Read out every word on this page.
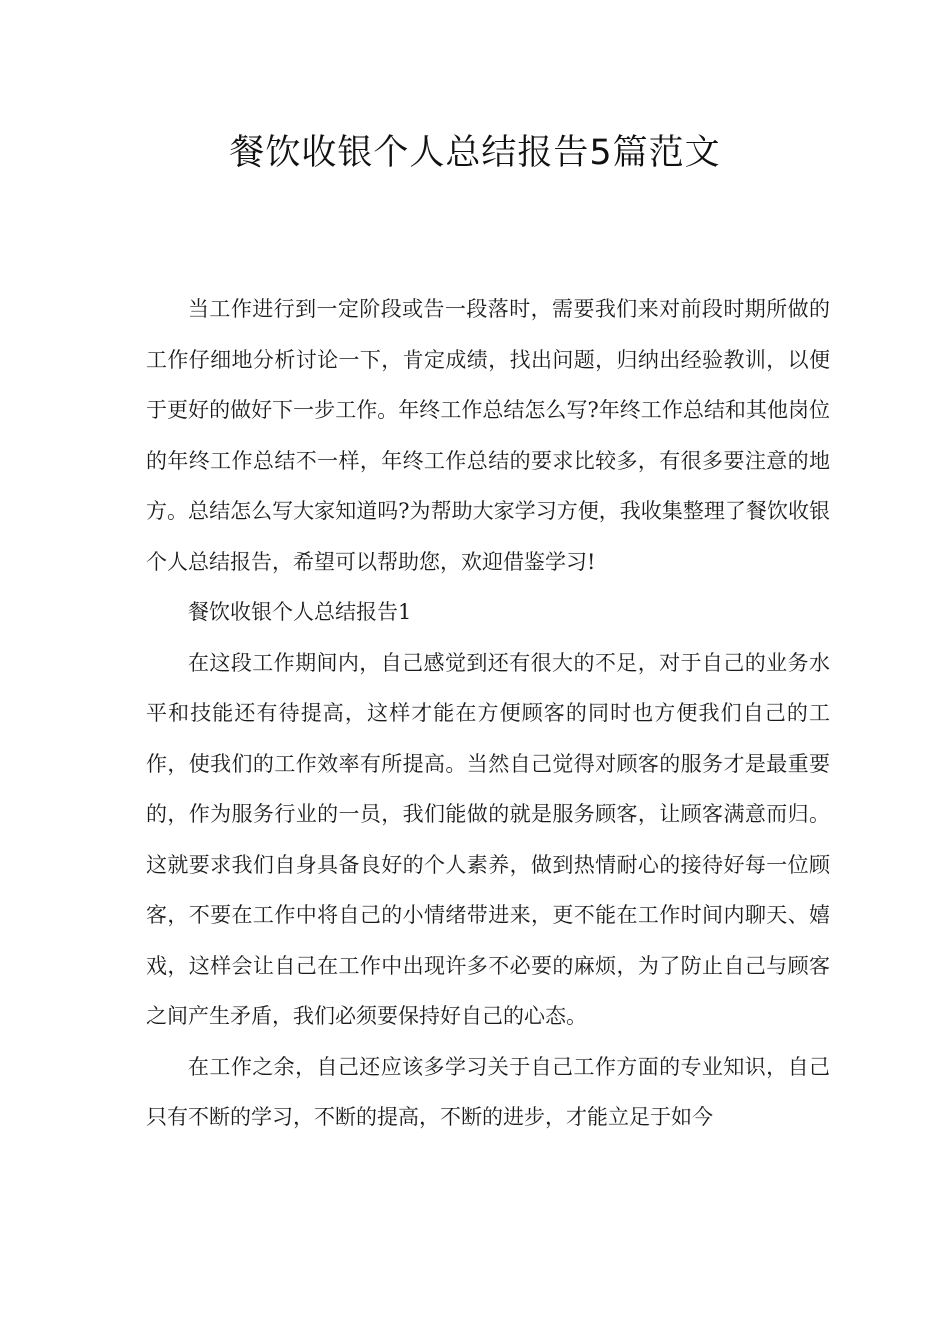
餐饮收银个人总结报告5篇范文

当工作进行到一定阶段或告一段落时，需要我们来对前段时期所做的工作仔细地分析讨论一下，肯定成绩，找出问题，归纳出经验教训，以便于更好的做好下一步工作。年终工作总结怎么写?年终工作总结和其他岗位的年终工作总结不一样，年终工作总结的要求比较多，有很多要注意的地方。总结怎么写大家知道吗?为帮助大家学习方便，我收集整理了餐饮收银个人总结报告，希望可以帮助您，欢迎借鉴学习!

餐饮收银个人总结报告1

在这段工作期间内，自己感觉到还有很大的不足，对于自己的业务水平和技能还有待提高，这样才能在方便顾客的同时也方便我们自己的工作，使我们的工作效率有所提高。当然自己觉得对顾客的服务才是最重要的，作为服务行业的一员，我们能做的就是服务顾客，让顾客满意而归。这就要求我们自身具备良好的个人素养，做到热情耐心的接待好每一位顾客，不要在工作中将自己的小情绪带进来，更不能在工作时间内聊天、嬉戏，这样会让自己在工作中出现许多不必要的麻烦，为了防止自己与顾客之间产生矛盾，我们必须要保持好自己的心态。

在工作之余，自己还应该多学习关于自己工作方面的专业知识，自己只有不断的学习，不断的提高，不断的进步，才能立足于如今
